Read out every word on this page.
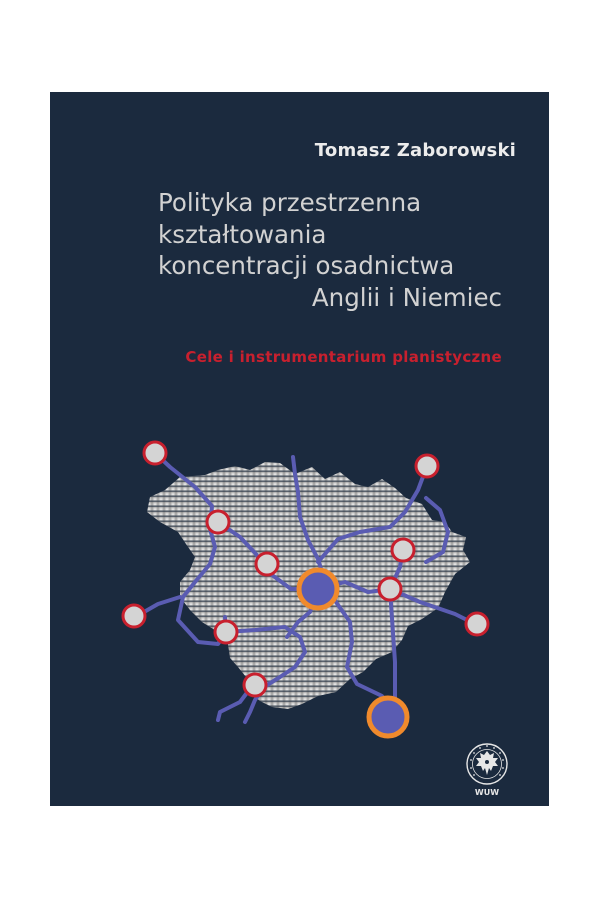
Tomasz Zaborowski
Polityka przestrzenna
kształtowania
koncentracji osadnictwa
Anglii i Niemiec
Cele i instrumentarium planistyczne
WUW
